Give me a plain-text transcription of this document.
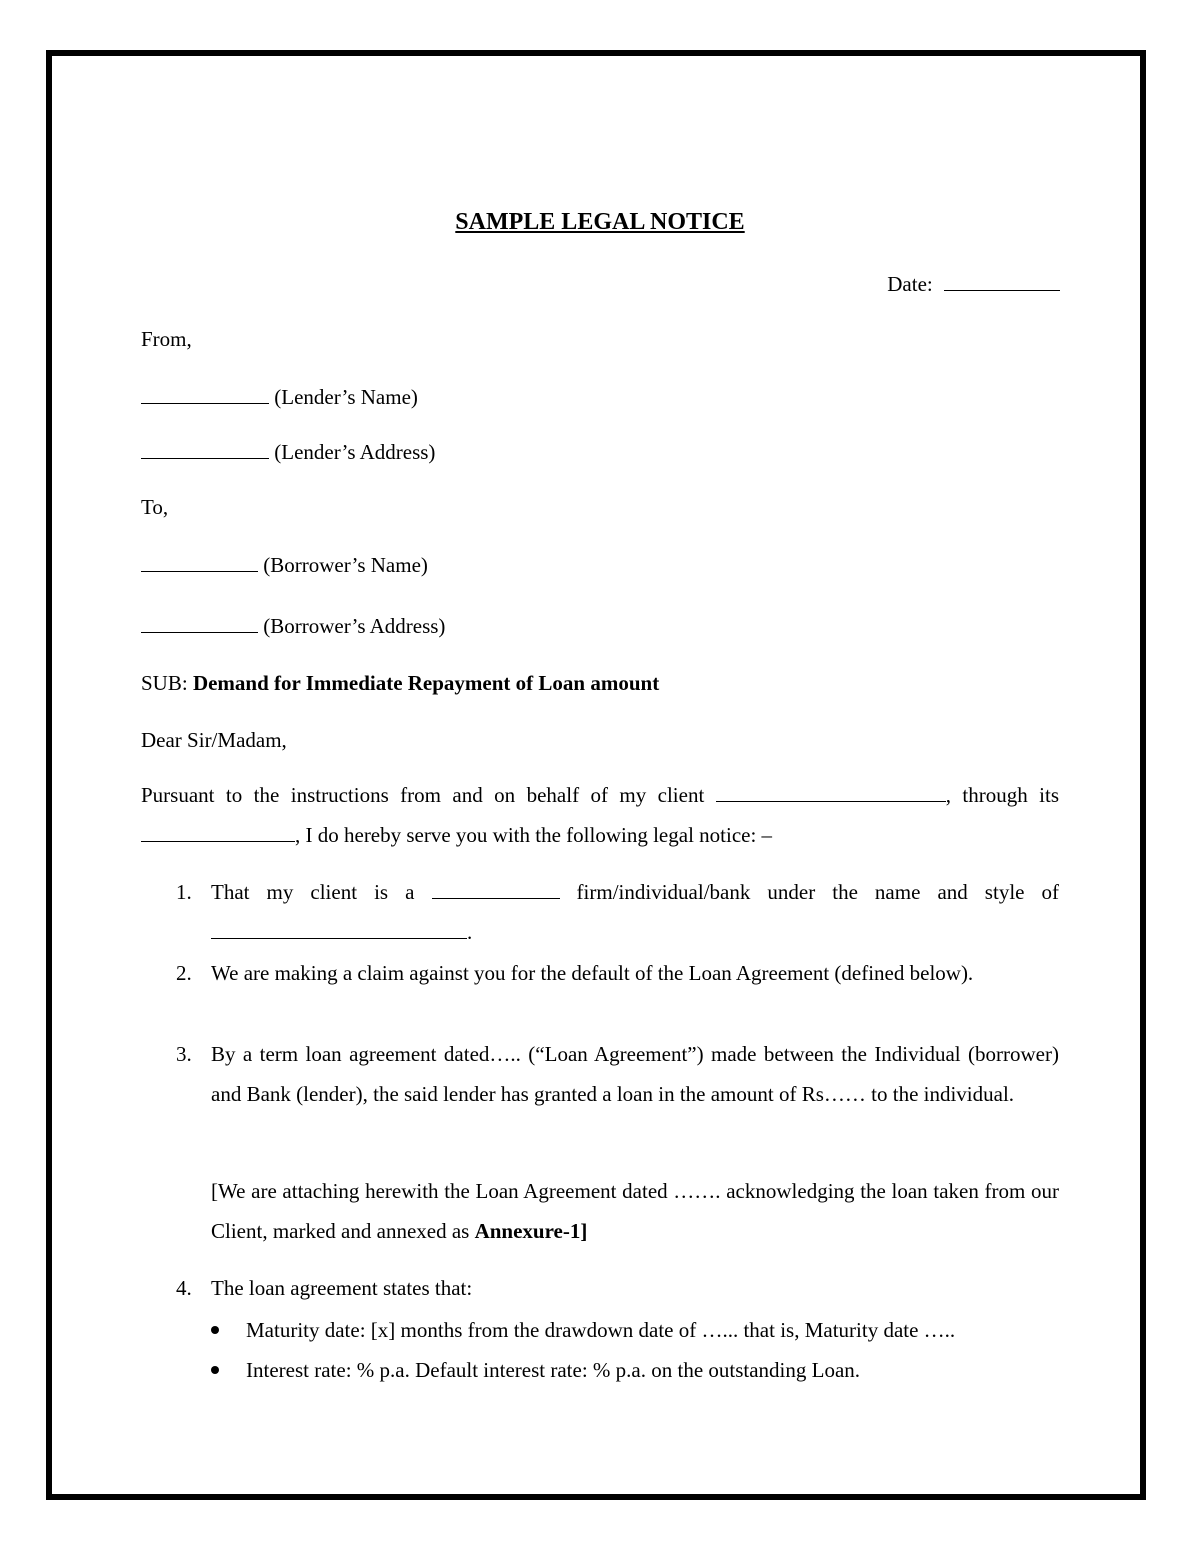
SAMPLE LEGAL NOTICE
Date:
From,
(Lender’s Name)
(Lender’s Address)
To,
(Borrower’s Name)
(Borrower’s Address)
SUB: Demand for Immediate Repayment of Loan amount
Dear Sir/Madam,
Pursuant to the instructions from and on behalf of my client	, through its , I do hereby serve you with the following legal notice: –
1. That my client is a	firm/individual/bank under the name and style of .
2. We are making a claim against you for the default of the Loan Agreement (defined below).
3. By a term loan agreement dated….. (“Loan Agreement”) made between the Individual (borrower) and Bank (lender), the said lender has granted a loan in the amount of Rs…… to the individual.
[We are attaching herewith the Loan Agreement dated ……. acknowledging the loan taken from our Client, marked and annexed as Annexure-1]
4. The loan agreement states that:
Maturity date: [x] months from the drawdown date of …... that is, Maturity date …..
Interest rate: % p.a. Default interest rate: % p.a. on the outstanding Loan.
